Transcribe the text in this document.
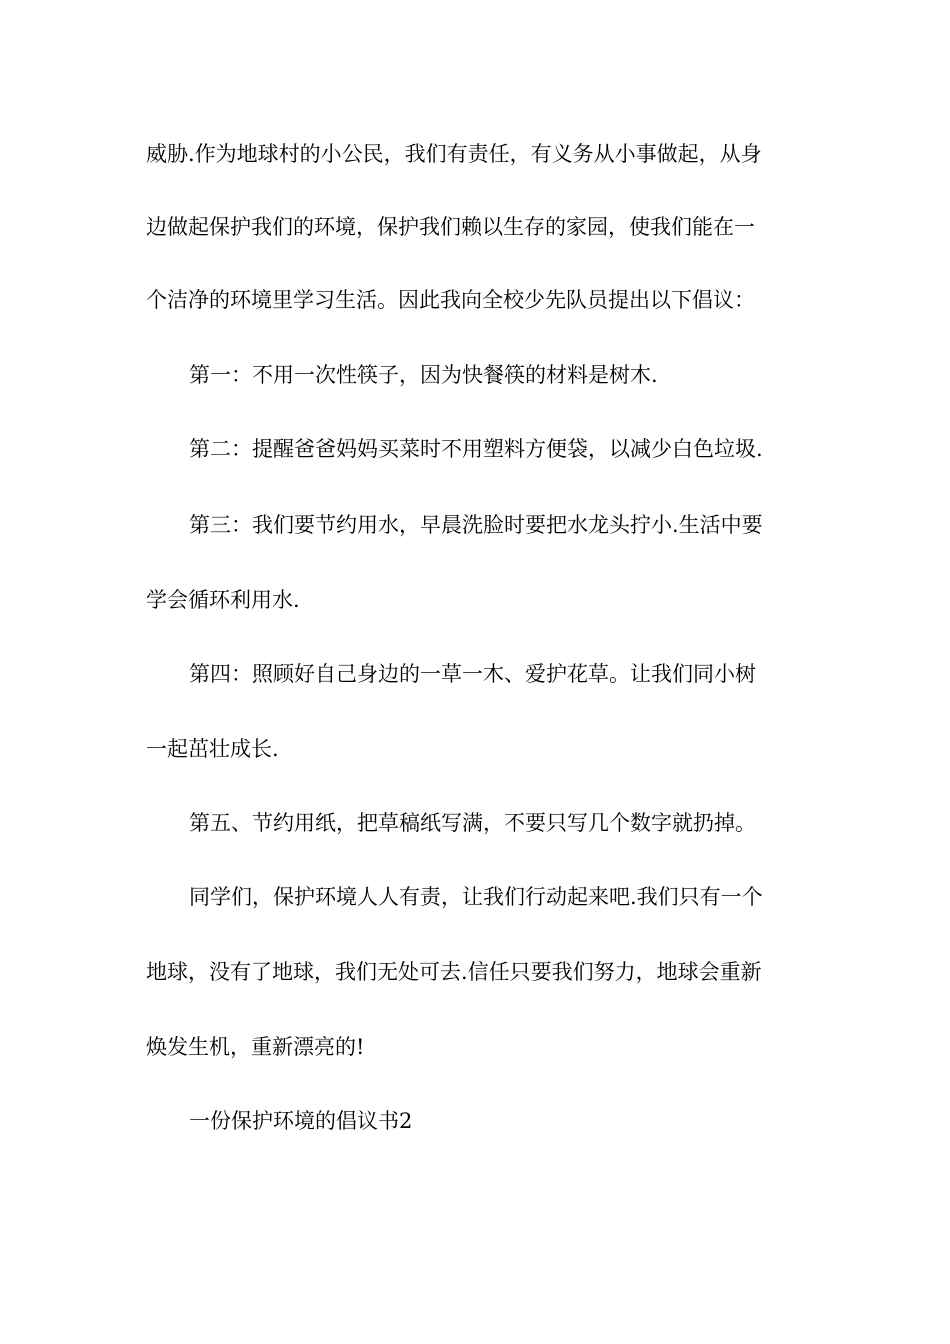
威胁.作为地球村的小公民，我们有责任，有义务从小事做起，从身
边做起保护我们的环境，保护我们赖以生存的家园，使我们能在一
个洁净的环境里学习生活。因此我向全校少先队员提出以下倡议：
第一：不用一次性筷子，因为快餐筷的材料是树木.
第二：提醒爸爸妈妈买菜时不用塑料方便袋，以减少白色垃圾.
第三：我们要节约用水，早晨洗脸时要把水龙头拧小.生活中要
学会循环利用水.
第四：照顾好自己身边的一草一木、爱护花草。让我们同小树
一起茁壮成长.
第五、节约用纸，把草稿纸写满，不要只写几个数字就扔掉。
同学们，保护环境人人有责，让我们行动起来吧.我们只有一个
地球，没有了地球，我们无处可去.信任只要我们努力，地球会重新
焕发生机，重新漂亮的!
一份保护环境的倡议书2
